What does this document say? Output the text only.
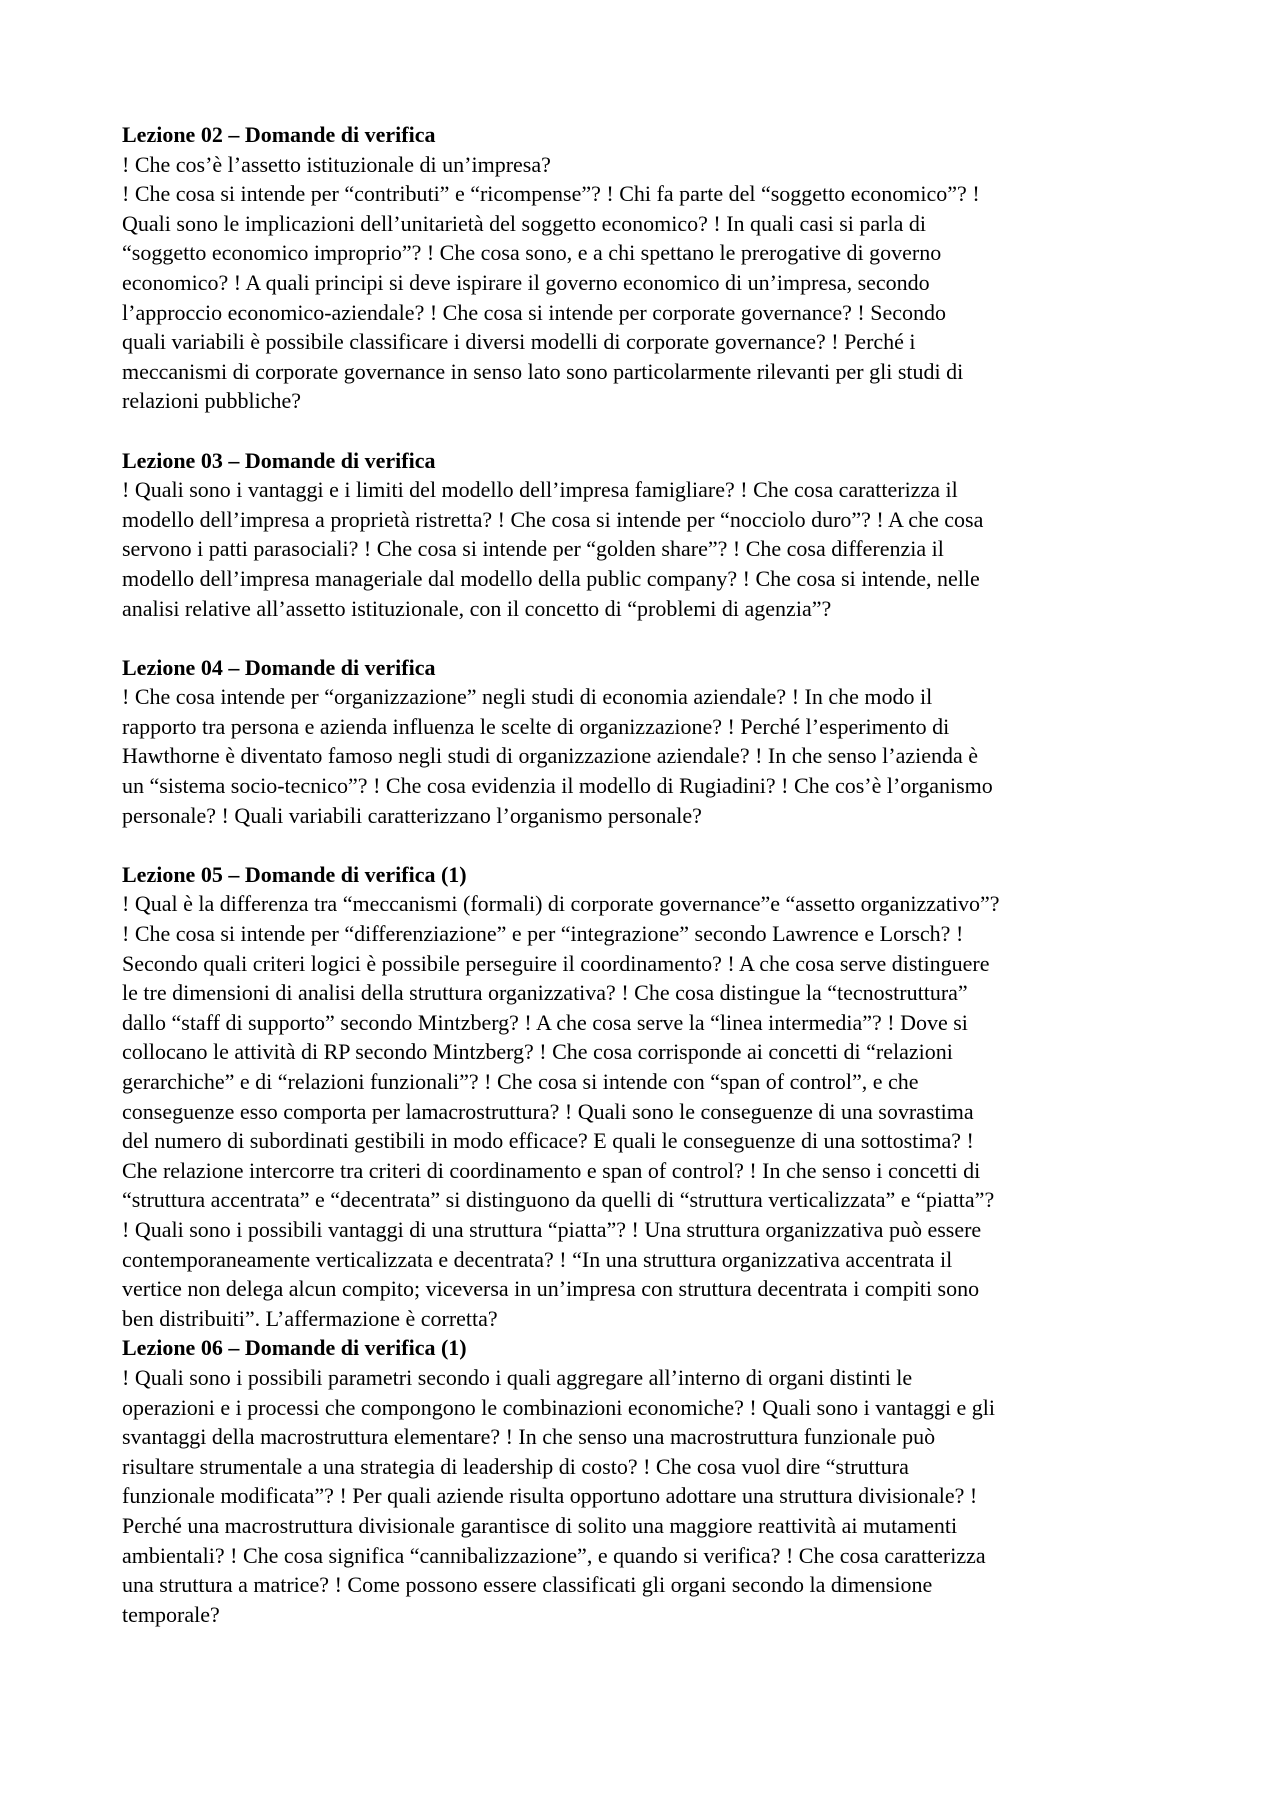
Lezione 02 – Domande di verifica
! Che cos’è l’assetto istituzionale di un’impresa?
! Che cosa si intende per “contributi” e “ricompense”? ! Chi fa parte del “soggetto economico”? !
Quali sono le implicazioni dell’unitarietà del soggetto economico? ! In quali casi si parla di
“soggetto economico improprio”? ! Che cosa sono, e a chi spettano le prerogative di governo
economico? ! A quali principi si deve ispirare il governo economico di un’impresa, secondo
l’approccio economico-aziendale? ! Che cosa si intende per corporate governance? ! Secondo
quali variabili è possibile classificare i diversi modelli di corporate governance? ! Perché i
meccanismi di corporate governance in senso lato sono particolarmente rilevanti per gli studi di
relazioni pubbliche?
Lezione 03 – Domande di verifica
! Quali sono i vantaggi e i limiti del modello dell’impresa famigliare? ! Che cosa caratterizza il
modello dell’impresa a proprietà ristretta? ! Che cosa si intende per “nocciolo duro”? ! A che cosa
servono i patti parasociali? ! Che cosa si intende per “golden share”? ! Che cosa differenzia il
modello dell’impresa manageriale dal modello della public company? ! Che cosa si intende, nelle
analisi relative all’assetto istituzionale, con il concetto di “problemi di agenzia”?
Lezione 04 – Domande di verifica
! Che cosa intende per “organizzazione” negli studi di economia aziendale? ! In che modo il
rapporto tra persona e azienda influenza le scelte di organizzazione? ! Perché l’esperimento di
Hawthorne è diventato famoso negli studi di organizzazione aziendale? ! In che senso l’azienda è
un “sistema socio-tecnico”? ! Che cosa evidenzia il modello di Rugiadini? ! Che cos’è l’organismo
personale? ! Quali variabili caratterizzano l’organismo personale?
Lezione 05 – Domande di verifica (1)
! Qual è la differenza tra “meccanismi (formali) di corporate governance”e “assetto organizzativo”?
! Che cosa si intende per “differenziazione” e per “integrazione” secondo Lawrence e Lorsch? !
Secondo quali criteri logici è possibile perseguire il coordinamento? ! A che cosa serve distinguere
le tre dimensioni di analisi della struttura organizzativa? ! Che cosa distingue la “tecnostruttura”
dallo “staff di supporto” secondo Mintzberg? ! A che cosa serve la “linea intermedia”? ! Dove si
collocano le attività di RP secondo Mintzberg? ! Che cosa corrisponde ai concetti di “relazioni
gerarchiche” e di “relazioni funzionali”? ! Che cosa si intende con “span of control”, e che
conseguenze esso comporta per lamacrostruttura? ! Quali sono le conseguenze di una sovrastima
del numero di subordinati gestibili in modo efficace? E quali le conseguenze di una sottostima? !
Che relazione intercorre tra criteri di coordinamento e span of control? ! In che senso i concetti di
“struttura accentrata” e “decentrata” si distinguono da quelli di “struttura verticalizzata” e “piatta”?
! Quali sono i possibili vantaggi di una struttura “piatta”? ! Una struttura organizzativa può essere
contemporaneamente verticalizzata e decentrata? ! “In una struttura organizzativa accentrata il
vertice non delega alcun compito; viceversa in un’impresa con struttura decentrata i compiti sono
ben distribuiti”. L’affermazione è corretta?
Lezione 06 – Domande di verifica (1)
! Quali sono i possibili parametri secondo i quali aggregare all’interno di organi distinti le
operazioni e i processi che compongono le combinazioni economiche? ! Quali sono i vantaggi e gli
svantaggi della macrostruttura elementare? ! In che senso una macrostruttura funzionale può
risultare strumentale a una strategia di leadership di costo? ! Che cosa vuol dire “struttura
funzionale modificata”? ! Per quali aziende risulta opportuno adottare una struttura divisionale? !
Perché una macrostruttura divisionale garantisce di solito una maggiore reattività ai mutamenti
ambientali? ! Che cosa significa “cannibalizzazione”, e quando si verifica? ! Che cosa caratterizza
una struttura a matrice? ! Come possono essere classificati gli organi secondo la dimensione
temporale?
